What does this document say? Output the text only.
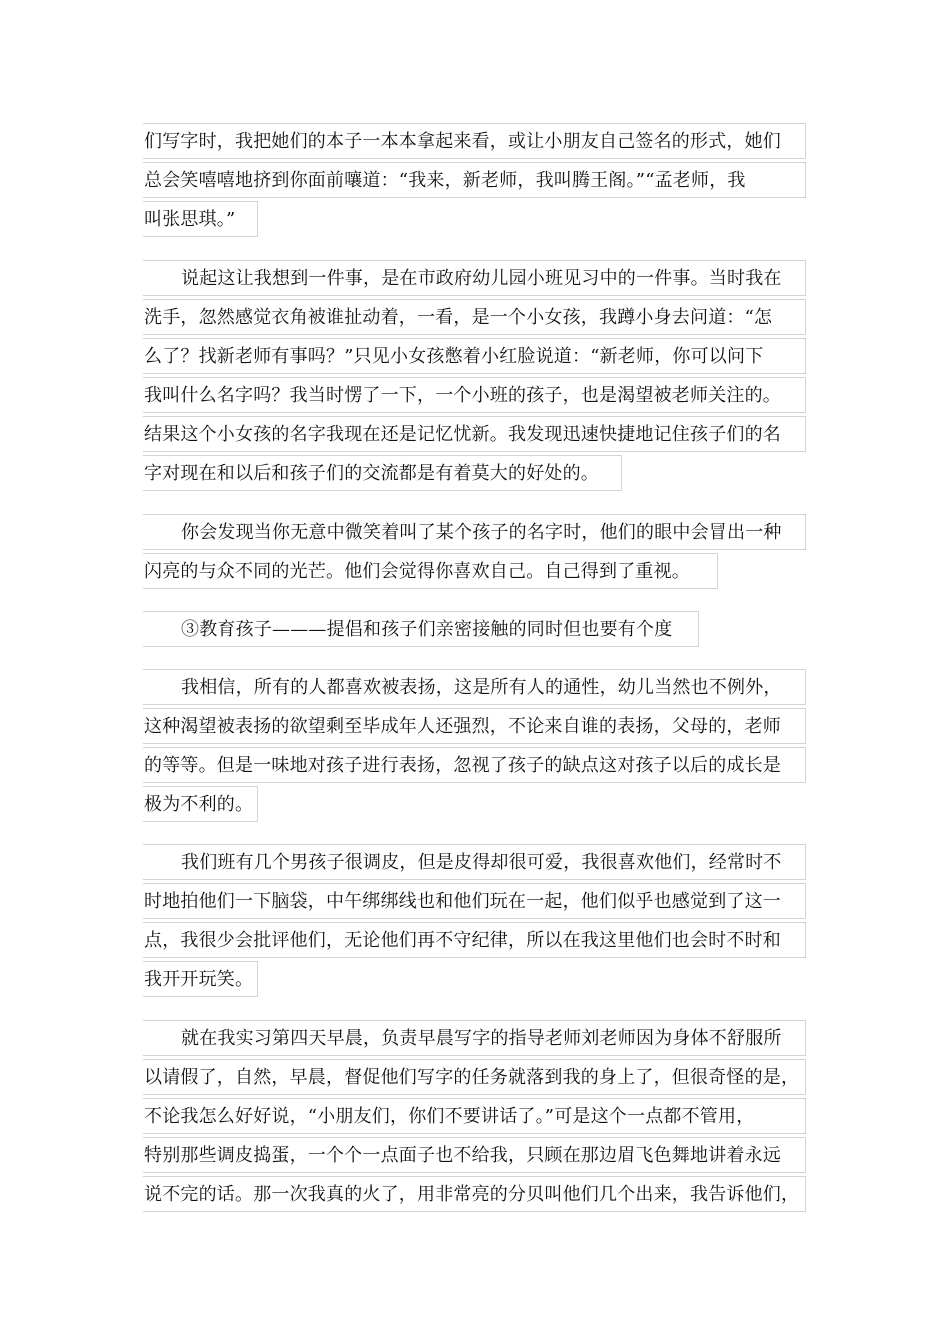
们写字时，我把她们的本子一本本拿起来看，或让小朋友自己签名的形式，她们
总会笑嘻嘻地挤到你面前嚷道：“我来，新老师，我叫腾王阁。”“孟老师，我
叫张思琪。”
说起这让我想到一件事，是在市政府幼儿园小班见习中的一件事。当时我在
洗手，忽然感觉衣角被谁扯动着，一看，是一个小女孩，我蹲小身去问道：“怎
么了？找新老师有事吗？”只见小女孩憋着小红脸说道：“新老师，你可以问下
我叫什么名字吗？我当时愣了一下，一个小班的孩子，也是渴望被老师关注的。
结果这个小女孩的名字我现在还是记忆忧新。我发现迅速快捷地记住孩子们的名
字对现在和以后和孩子们的交流都是有着莫大的好处的。
你会发现当你无意中微笑着叫了某个孩子的名字时，他们的眼中会冒出一种
闪亮的与众不同的光芒。他们会觉得你喜欢自己。自己得到了重视。
③教育孩子———提倡和孩子们亲密接触的同时但也要有个度
我相信，所有的人都喜欢被表扬，这是所有人的通性，幼儿当然也不例外，
这种渴望被表扬的欲望剩至毕成年人还强烈，不论来自谁的表扬，父母的，老师
的等等。但是一味地对孩子进行表扬，忽视了孩子的缺点这对孩子以后的成长是
极为不利的。
我们班有几个男孩子很调皮，但是皮得却很可爱，我很喜欢他们，经常时不
时地拍他们一下脑袋，中午绑绑线也和他们玩在一起，他们似乎也感觉到了这一
点，我很少会批评他们，无论他们再不守纪律，所以在我这里他们也会时不时和
我开开玩笑。
就在我实习第四天早晨，负责早晨写字的指导老师刘老师因为身体不舒服所
以请假了，自然，早晨，督促他们写字的任务就落到我的身上了，但很奇怪的是，
不论我怎么好好说，“小朋友们，你们不要讲话了。”可是这个一点都不管用，
特别那些调皮捣蛋，一个个一点面子也不给我，只顾在那边眉飞色舞地讲着永远
说不完的话。那一次我真的火了，用非常亮的分贝叫他们几个出来，我告诉他们，
